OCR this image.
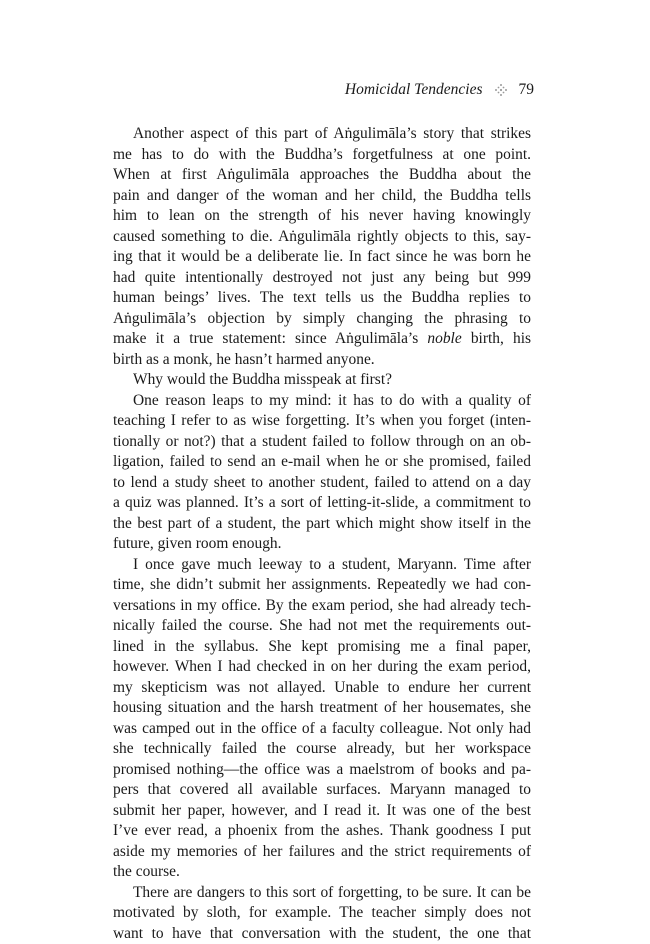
Homicidal Tendencies 79
Another aspect of this part of Aṅgulimāla’s story that strikes
me has to do with the Buddha’s forgetfulness at one point.
When at first Aṅgulimāla approaches the Buddha about the
pain and danger of the woman and her child, the Buddha tells
him to lean on the strength of his never having knowingly
caused something to die. Aṅgulimāla rightly objects to this, say-
ing that it would be a deliberate lie. In fact since he was born he
had quite intentionally destroyed not just any being but 999
human beings’ lives. The text tells us the Buddha replies to
Aṅgulimāla’s objection by simply changing the phrasing to
make it a true statement: since Aṅgulimāla’s noble birth, his
birth as a monk, he hasn’t harmed anyone.
Why would the Buddha misspeak at first?
One reason leaps to my mind: it has to do with a quality of
teaching I refer to as wise forgetting. It’s when you forget (inten-
tionally or not?) that a student failed to follow through on an ob-
ligation, failed to send an e-mail when he or she promised, failed
to lend a study sheet to another student, failed to attend on a day
a quiz was planned. It’s a sort of letting-it-slide, a commitment to
the best part of a student, the part which might show itself in the
future, given room enough.
I once gave much leeway to a student, Maryann. Time after
time, she didn’t submit her assignments. Repeatedly we had con-
versations in my office. By the exam period, she had already tech-
nically failed the course. She had not met the requirements out-
lined in the syllabus. She kept promising me a final paper,
however. When I had checked in on her during the exam period,
my skepticism was not allayed. Unable to endure her current
housing situation and the harsh treatment of her housemates, she
was camped out in the office of a faculty colleague. Not only had
she technically failed the course already, but her workspace
promised nothing—the office was a maelstrom of books and pa-
pers that covered all available surfaces. Maryann managed to
submit her paper, however, and I read it. It was one of the best
I’ve ever read, a phoenix from the ashes. Thank goodness I put
aside my memories of her failures and the strict requirements of
the course.
There are dangers to this sort of forgetting, to be sure. It can be
motivated by sloth, for example. The teacher simply does not
want to have that conversation with the student, the one that
